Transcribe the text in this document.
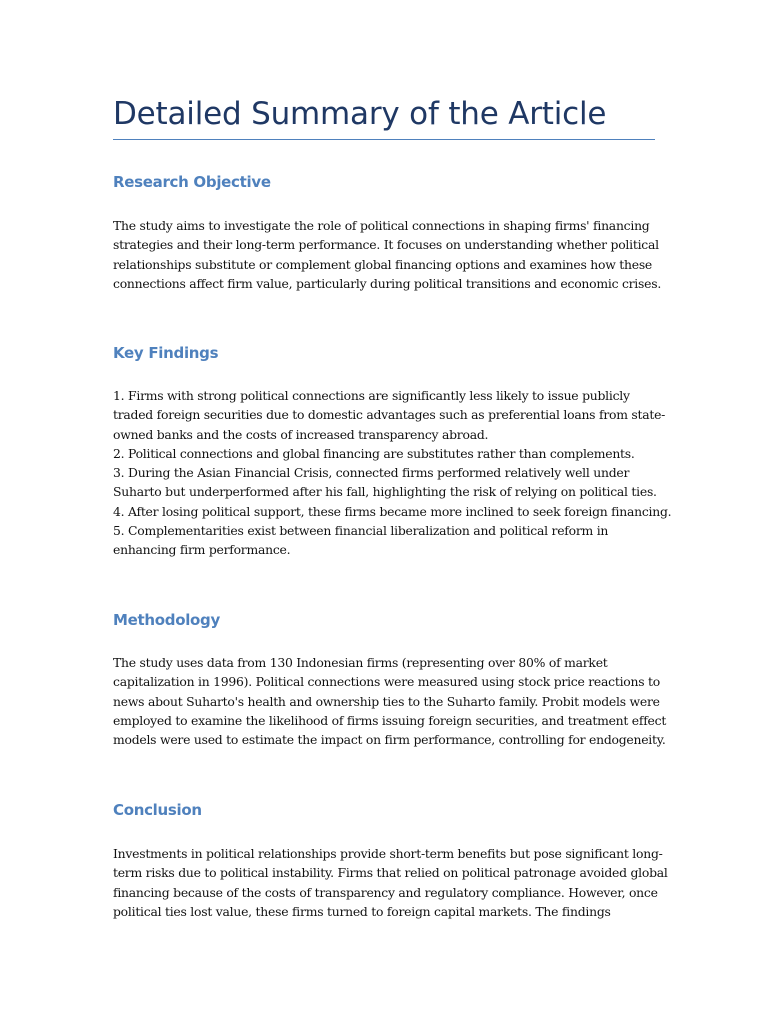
Detailed Summary of the Article
Research Objective
The study aims to investigate the role of political connections in shaping firms' financing
strategies and their long-term performance. It focuses on understanding whether political
relationships substitute or complement global financing options and examines how these
connections affect firm value, particularly during political transitions and economic crises.
Key Findings
1. Firms with strong political connections are significantly less likely to issue publicly
traded foreign securities due to domestic advantages such as preferential loans from state-
owned banks and the costs of increased transparency abroad.
2. Political connections and global financing are substitutes rather than complements.
3. During the Asian Financial Crisis, connected firms performed relatively well under
Suharto but underperformed after his fall, highlighting the risk of relying on political ties.
4. After losing political support, these firms became more inclined to seek foreign financing.
5. Complementarities exist between financial liberalization and political reform in
enhancing firm performance.
Methodology
The study uses data from 130 Indonesian firms (representing over 80% of market
capitalization in 1996). Political connections were measured using stock price reactions to
news about Suharto's health and ownership ties to the Suharto family. Probit models were
employed to examine the likelihood of firms issuing foreign securities, and treatment effect
models were used to estimate the impact on firm performance, controlling for endogeneity.
Conclusion
Investments in political relationships provide short-term benefits but pose significant long-
term risks due to political instability. Firms that relied on political patronage avoided global
financing because of the costs of transparency and regulatory compliance. However, once
political ties lost value, these firms turned to foreign capital markets. The findings
